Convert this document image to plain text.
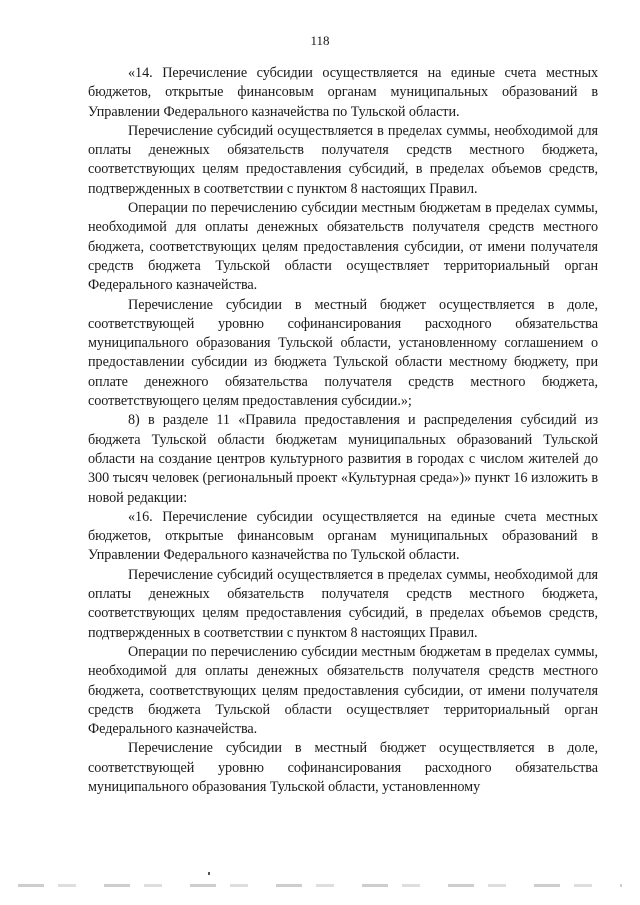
118

«14. Перечисление субсидии осуществляется на единые счета местных бюджетов, открытые финансовым органам муниципальных образований в Управлении Федерального казначейства по Тульской области.

Перечисление субсидий осуществляется в пределах суммы, необходимой для оплаты денежных обязательств получателя средств местного бюджета, соответствующих целям предоставления субсидий, в пределах объемов средств, подтвержденных в соответствии с пунктом 8 настоящих Правил.

Операции по перечислению субсидии местным бюджетам в пределах суммы, необходимой для оплаты денежных обязательств получателя средств местного бюджета, соответствующих целям предоставления субсидии, от имени получателя средств бюджета Тульской области осуществляет территориальный орган Федерального казначейства.

Перечисление субсидии в местный бюджет осуществляется в доле, соответствующей уровню софинансирования расходного обязательства муниципального образования Тульской области, установленному соглашением о предоставлении субсидии из бюджета Тульской области местному бюджету, при оплате денежного обязательства получателя средств местного бюджета, соответствующего целям предоставления субсидии.»;

8) в разделе 11 «Правила предоставления и распределения субсидий из бюджета Тульской области бюджетам муниципальных образований Тульской области на создание центров культурного развития в городах с числом жителей до 300 тысяч человек (региональный проект «Культурная среда»)» пункт 16 изложить в новой редакции:

«16. Перечисление субсидии осуществляется на единые счета местных бюджетов, открытые финансовым органам муниципальных образований в Управлении Федерального казначейства по Тульской области.

Перечисление субсидий осуществляется в пределах суммы, необходимой для оплаты денежных обязательств получателя средств местного бюджета, соответствующих целям предоставления субсидий, в пределах объемов средств, подтвержденных в соответствии с пунктом 8 настоящих Правил.

Операции по перечислению субсидии местным бюджетам в пределах суммы, необходимой для оплаты денежных обязательств получателя средств местного бюджета, соответствующих целям предоставления субсидии, от имени получателя средств бюджета Тульской области осуществляет территориальный орган Федерального казначейства.

Перечисление субсидии в местный бюджет осуществляется в доле, соответствующей уровню софинансирования расходного обязательства муниципального образования Тульской области, установленному
